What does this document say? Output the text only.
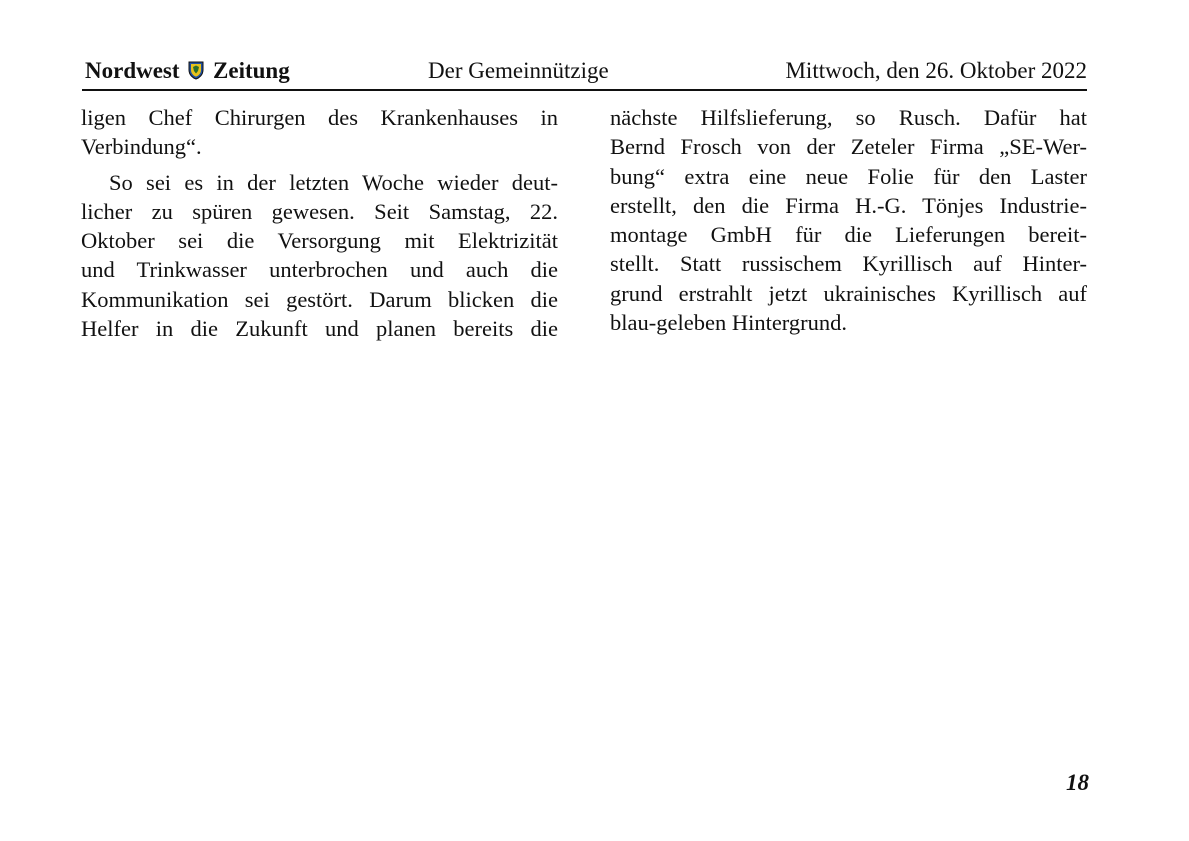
Nordwest Zeitung	Der Gemeinnützige	Mittwoch, den 26. Oktober 2022
ligen Chef Chirurgen des Krankenhauses in
Verbindung“.
So sei es in der letzten Woche wieder deut-
licher zu spüren gewesen. Seit Samstag, 22.
Oktober sei die Versorgung mit Elektrizität
und Trinkwasser unterbrochen und auch die
Kommunikation sei gestört. Darum blicken die
Helfer in die Zukunft und planen bereits die
nächste Hilfslieferung, so Rusch. Dafür hat
Bernd Frosch von der Zeteler Firma „SE-Wer-
bung“ extra eine neue Folie für den Laster
erstellt, den die Firma H.-G. Tönjes Industrie-
montage GmbH für die Lieferungen bereit-
stellt. Statt russischem Kyrillisch auf Hinter-
grund erstrahlt jetzt ukrainisches Kyrillisch auf
blau-geleben Hintergrund.
18
